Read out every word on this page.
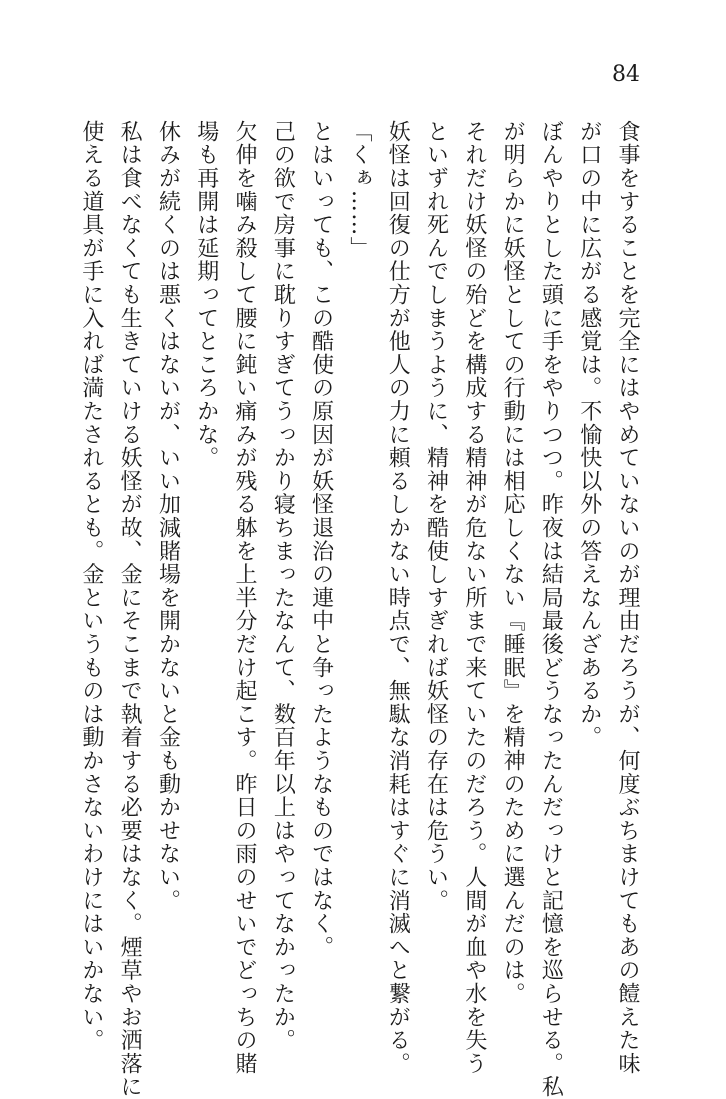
84
食事をすることを完全にはやめていないのが理由だろうが、何度ぶちまけてもあの饐えた味
が口の中に広がる感覚は。不愉快以外の答えなんざあるか。
ぼんやりとした頭に手をやりつつ。昨夜は結局最後どうなったんだっけと記憶を巡らせる。私
が明らかに妖怪としての行動には相応しくない『睡眠』を精神のために選んだのは。
それだけ妖怪の殆どを構成する精神が危ない所まで来ていたのだろう。人間が血や水を失う
といずれ死んでしまうように、精神を酷使しすぎれば妖怪の存在は危うい。
妖怪は回復の仕方が他人の力に頼るしかない時点で、無駄な消耗はすぐに消滅へと繋がる。
「くぁ……」
とはいっても、この酷使の原因が妖怪退治の連中と争ったようなものではなく。
己の欲で房事に耽りすぎてうっかり寝ちまったなんて、数百年以上はやってなかったか。
欠伸を噛み殺して腰に鈍い痛みが残る躰を上半分だけ起こす。昨日の雨のせいでどっちの賭
場も再開は延期ってところかな。
休みが続くのは悪くはないが、いい加減賭場を開かないと金も動かせない。
私は食べなくても生きていける妖怪が故、金にそこまで執着する必要はなく。煙草やお洒落に
使える道具が手に入れば満たされるとも。金というものは動かさないわけにはいかない。
